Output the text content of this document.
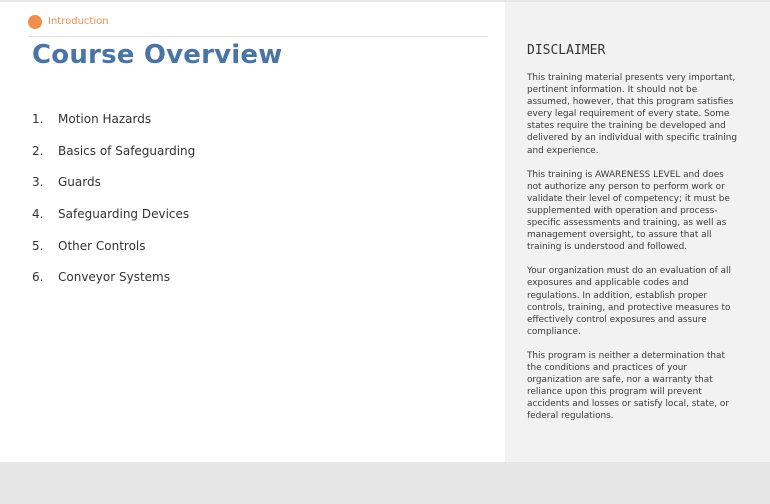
Introduction
Course Overview
1.	Motion Hazards
2.	Basics of Safeguarding
3.	Guards
4.	Safeguarding Devices
5.	Other Controls
6.	Conveyor Systems
DISCLAIMER

This training material presents very important, pertinent information. It should not be assumed, however, that this program satisfies every legal requirement of every state. Some states require the training be developed and delivered by an individual with specific training and experience.

This training is AWARENESS LEVEL and does not authorize any person to perform work or validate their level of competency; it must be supplemented with operation and process-specific assessments and training, as well as management oversight, to assure that all training is understood and followed.

Your organization must do an evaluation of all exposures and applicable codes and regulations. In addition, establish proper controls, training, and protective measures to effectively control exposures and assure compliance.

This program is neither a determination that the conditions and practices of your organization are safe, nor a warranty that reliance upon this program will prevent accidents and losses or satisfy local, state, or federal regulations.
